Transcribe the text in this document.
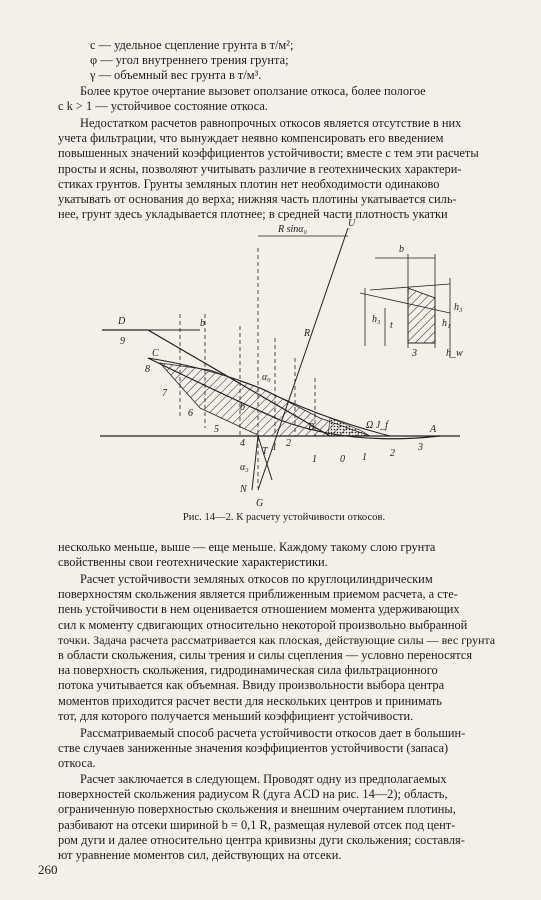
c — удельное сцепление грунта в т/м²;
φ — угол внутреннего трения грунта;
γ — объемный вес грунта в т/м³.
Более крутое очертание вызовет оползание откоса, более пологое
с k > 1 — устойчивое состояние откоса.
Недостатком расчетов равнопрочных откосов является отсутствие в них
учета фильтрации, что вынуждает неявно компенсировать его введением
повышенных значений коэффициентов устойчивости; вместе с тем эти расчеты
просты и ясны, позволяют учитывать различие в геотехнических характери-
стиках грунтов. Грунты земляных плотин нет необходимости одинаково
укатывать от основания до верха; нижняя часть плотины укатывается силь-
нее, грунт здесь укладывается плотнее; в средней части плотность укатки
U
R sinα₀
b
D
9
b
C
8
7
6
5
α₀
R
b
h₃
t
3
h₃
h₁
h_w
B	A
Ω J_f
4
T 1 2
1 0 1 2
3
α₃
N
G
Рис. 14—2. К расчету устойчивости откосов.
несколько меньше, выше — еще меньше. Каждому такому слою грунта
свойственны свои геотехнические характеристики.
Расчет устойчивости земляных откосов по круглоцилиндрическим
поверхностям скольжения является приближенным приемом расчета, а сте-
пень устойчивости в нем оценивается отношением момента удерживающих
сил к моменту сдвигающих относительно некоторой произвольно выбранной
точки. Задача расчета рассматривается как плоская, действующие силы — вес грунта
в области скольжения, силы трения и силы сцепления — условно переносятся
на поверхность скольжения, гидродинамическая сила фильтрационного
потока учитывается как объемная. Ввиду произвольности выбора центра
моментов приходится расчет вести для нескольких центров и принимать
тот, для которого получается меньший коэффициент устойчивости.
Рассматриваемый способ расчета устойчивости откосов дает в большин-
стве случаев заниженные значения коэффициентов устойчивости (запаса)
откоса.
Расчет заключается в следующем. Проводят одну из предполагаемых
поверхностей скольжения радиусом R (дуга ACD на рис. 14—2); область,
ограниченную поверхностью скольжения и внешним очертанием плотины,
разбивают на отсеки шириной b = 0,1 R, размещая нулевой отсек под цент-
ром дуги и далее относительно центра кривизны дуги скольжения; составля-
ют уравнение моментов сил, действующих на отсеки.
260
